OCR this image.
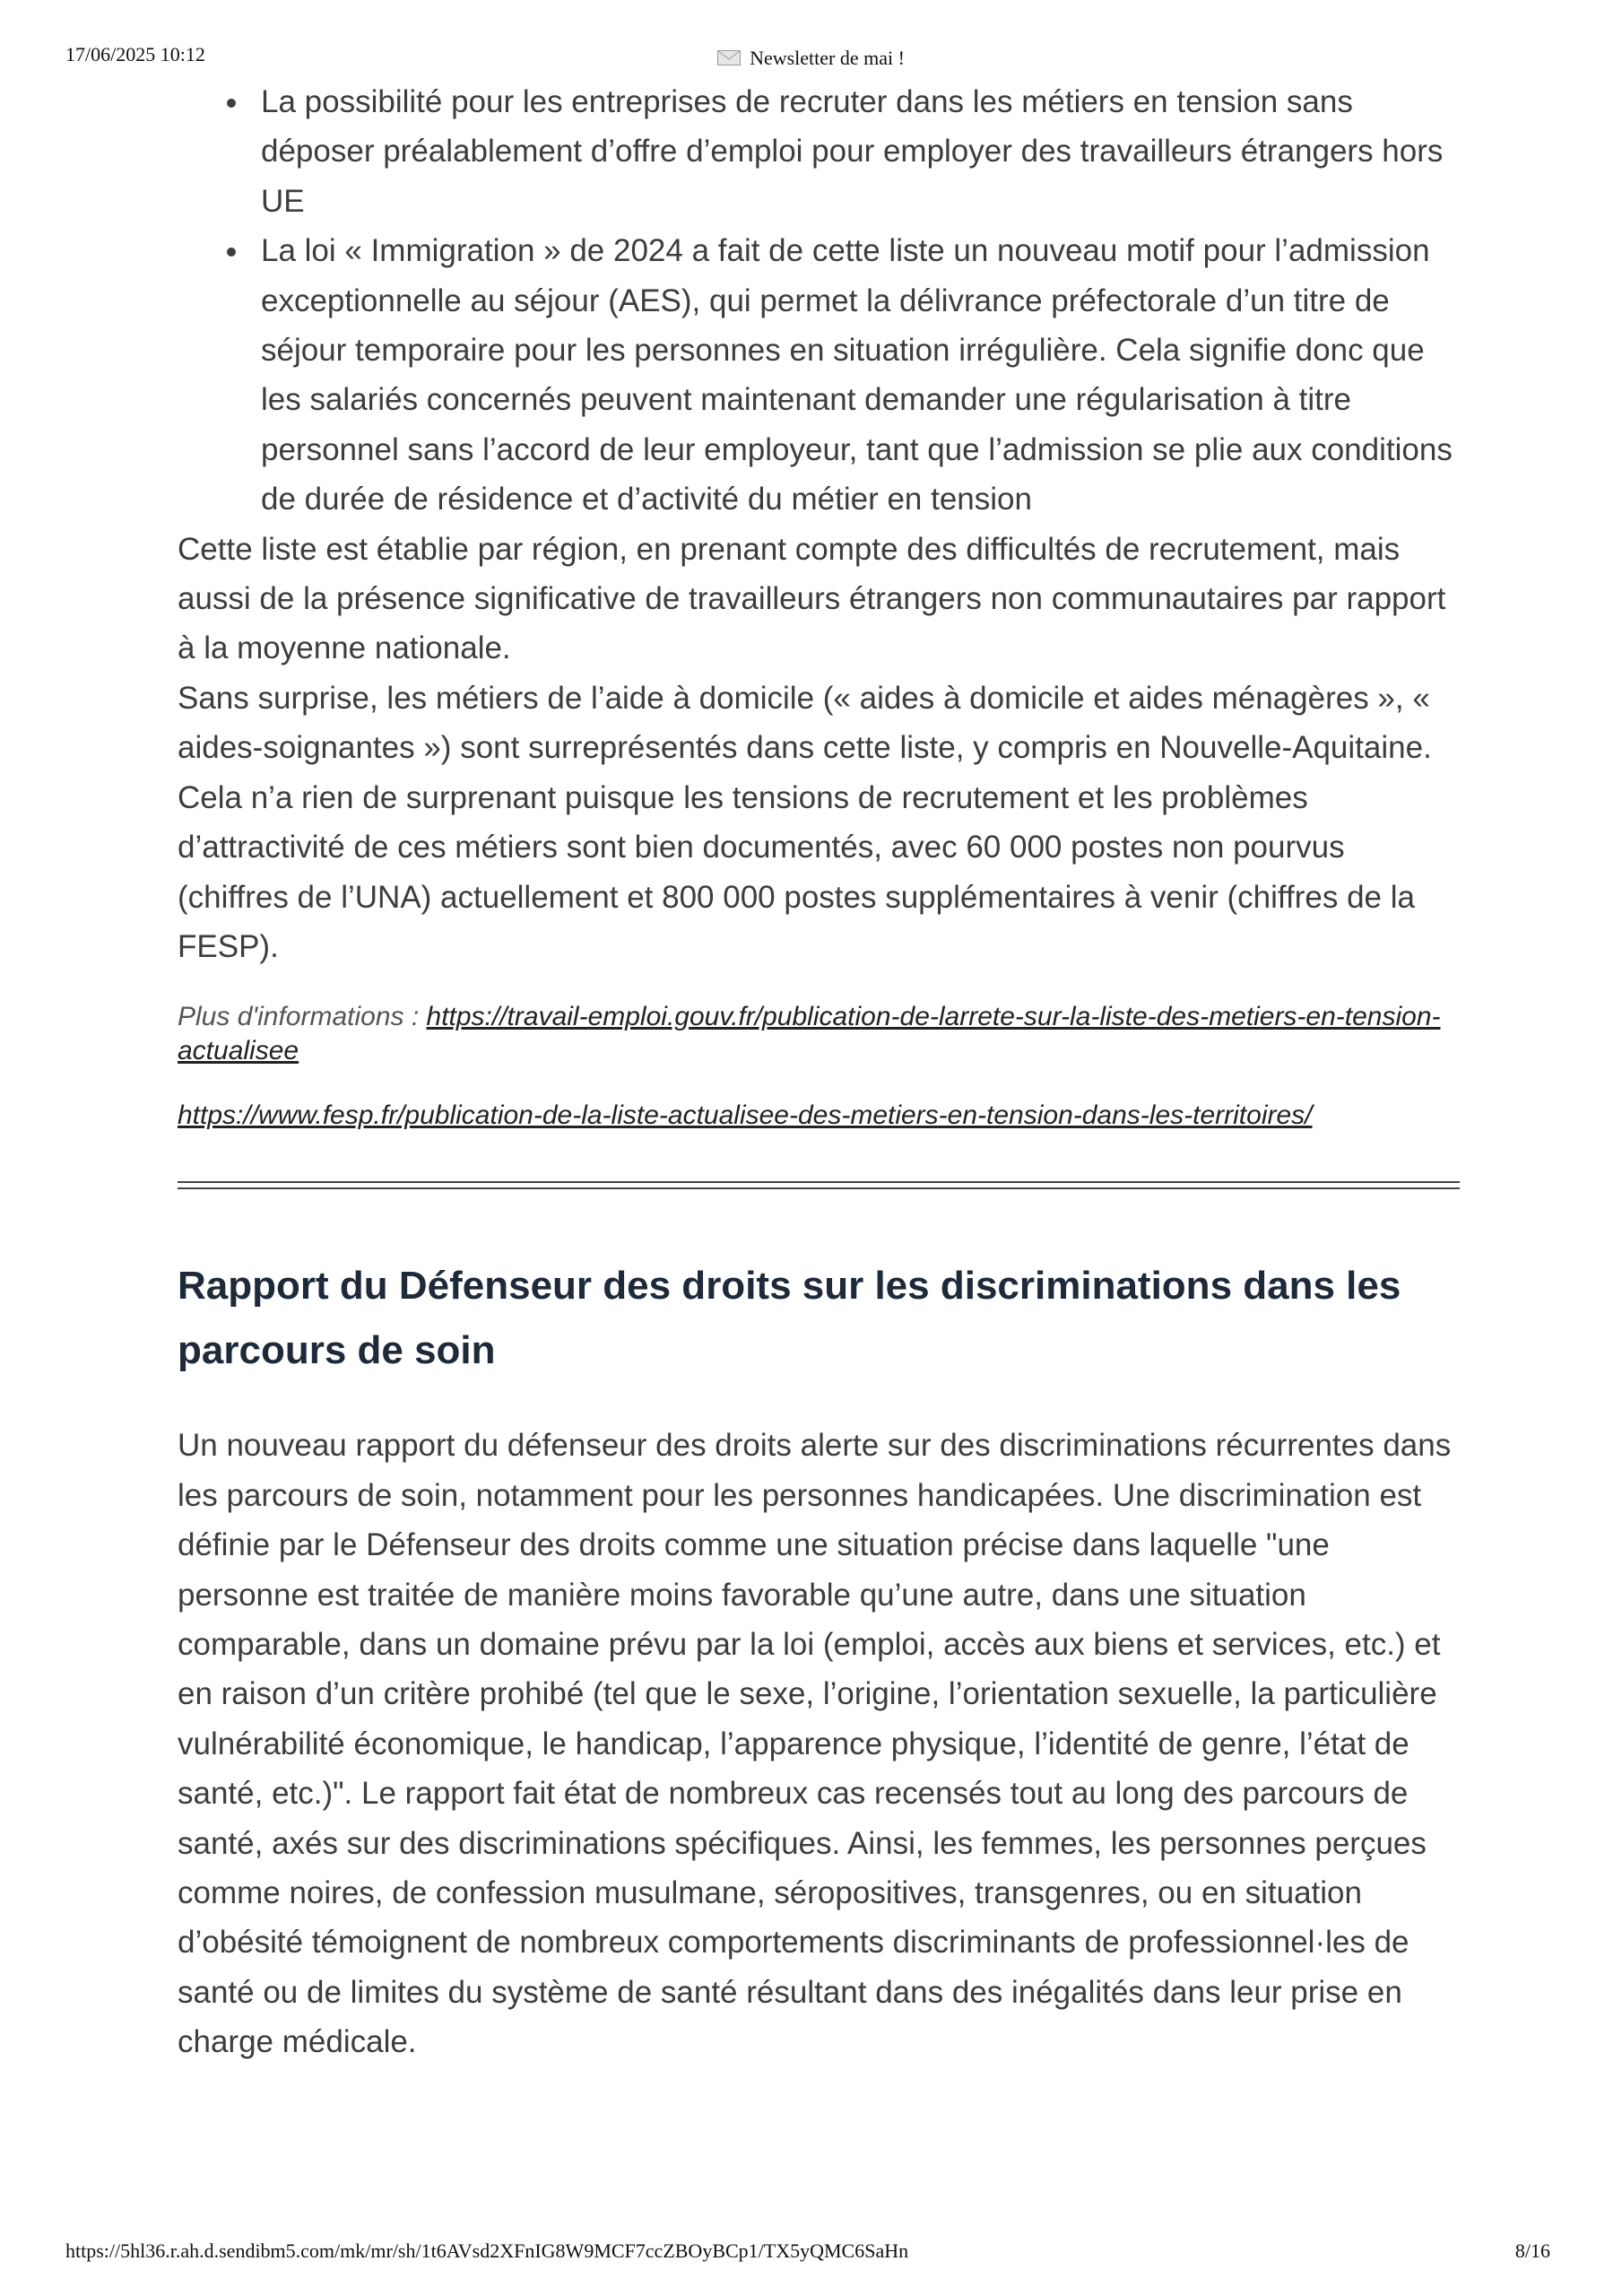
17/06/2025 10:12	Newsletter de mai !
La possibilité pour les entreprises de recruter dans les métiers en tension sans déposer préalablement d’offre d’emploi pour employer des travailleurs étrangers hors UE
La loi « Immigration » de 2024 a fait de cette liste un nouveau motif pour l’admission exceptionnelle au séjour (AES), qui permet la délivrance préfectorale d’un titre de séjour temporaire pour les personnes en situation irrégulière. Cela signifie donc que les salariés concernés peuvent maintenant demander une régularisation à titre personnel sans l’accord de leur employeur, tant que l’admission se plie aux conditions de durée de résidence et d’activité du métier en tension

Cette liste est établie par région, en prenant compte des difficultés de recrutement, mais aussi de la présence significative de travailleurs étrangers non communautaires par rapport à la moyenne nationale.

Sans surprise, les métiers de l’aide à domicile (« aides à domicile et aides ménagères », « aides-soignantes ») sont surreprésentés dans cette liste, y compris en Nouvelle-Aquitaine. Cela n’a rien de surprenant puisque les tensions de recrutement et les problèmes d’attractivité de ces métiers sont bien documentés, avec 60 000 postes non pourvus (chiffres de l’UNA) actuellement et 800 000 postes supplémentaires à venir (chiffres de la FESP).

Plus d'informations : https://travail-emploi.gouv.fr/publication-de-larrete-sur-la-liste-des-metiers-en-tension-actualisee
https://www.fesp.fr/publication-de-la-liste-actualisee-des-metiers-en-tension-dans-les-territoires/
Rapport du Défenseur des droits sur les discriminations dans les parcours de soin

Un nouveau rapport du défenseur des droits alerte sur des discriminations récurrentes dans les parcours de soin, notamment pour les personnes handicapées. Une discrimination est définie par le Défenseur des droits comme une situation précise dans laquelle "une personne est traitée de manière moins favorable qu’une autre, dans une situation comparable, dans un domaine prévu par la loi (emploi, accès aux biens et services, etc.) et en raison d’un critère prohibé (tel que le sexe, l’origine, l’orientation sexuelle, la particulière vulnérabilité économique, le handicap, l’apparence physique, l’identité de genre, l’état de santé, etc.)". Le rapport fait état de nombreux cas recensés tout au long des parcours de santé, axés sur des discriminations spécifiques. Ainsi, les femmes, les personnes perçues comme noires, de confession musulmane, séropositives, transgenres, ou en situation d’obésité témoignent de nombreux comportements discriminants de professionnel·les de santé ou de limites du système de santé résultant dans des inégalités dans leur prise en charge médicale.

https://5hl36.r.ah.d.sendibm5.com/mk/mr/sh/1t6AVsd2XFnIG8W9MCF7ccZBOyBCp1/TX5yQMC6SaHn	8/16
